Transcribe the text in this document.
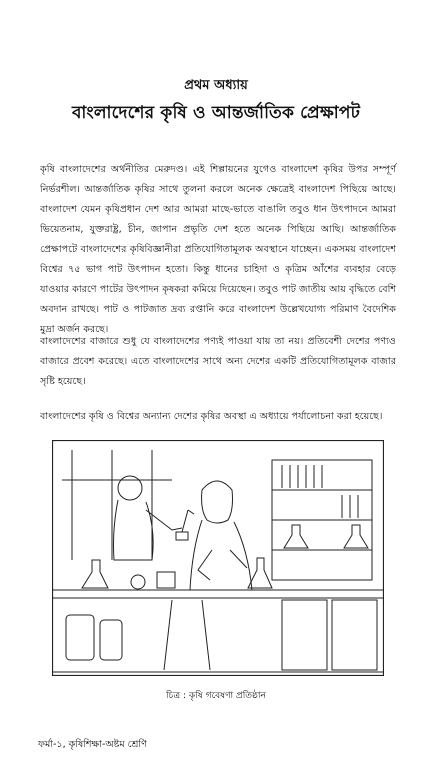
প্রথম অধ্যায়
বাংলাদেশের কৃষি ও আন্তর্জাতিক প্রেক্ষাপট

কৃষি বাংলাদেশের অর্থনীতির মেরুদণ্ড। এই শিল্পায়নের যুগেও বাংলাদেশ কৃষির উপর সম্পূর্ণ নির্ভরশীল। আন্তর্জাতিক কৃষির সাথে তুলনা করলে অনেক ক্ষেত্রেই বাংলাদেশ পিছিয়ে আছে। বাংলাদেশ যেমন কৃষিপ্রধান দেশ আর আমরা মাছে-ভাতে বাঙালি তবুও ধান উৎপাদনে আমরা ভিয়েতনাম, যুক্তরাষ্ট্র, চীন, জাপান প্রভৃতি দেশ হতে অনেক পিছিয়ে আছি। আন্তর্জাতিক প্রেক্ষাপটে বাংলাদেশের কৃষিবিজ্ঞানীরা প্রতিযোগিতামূলক অবস্থানে যাচ্ছেন। একসময় বাংলাদেশ বিশ্বের ৭৫ ভাগ পাট উৎপাদন হতো। কিন্তু ধানের চাহিদা ও কৃত্রিম আঁশের ব্যবহার বেড়ে যাওয়ার কারণে পাটের উৎপাদন কৃষকরা কমিয়ে দিয়েছেন। তবুও পাট জাতীয় আয় বৃদ্ধিতে বেশি অবদান রাখছে। পাট ও পাটজাত দ্রব্য রপ্তানি করে বাংলাদেশ উল্লেখযোগ্য পরিমাণ বৈদেশিক মুদ্রা অর্জন করছে।

বাংলাদেশের বাজারে শুধু যে বাংলাদেশের পণ্যই পাওয়া যায় তা নয়। প্রতিবেশী দেশের পণ্যও বাজারে প্রবেশ করেছে। এতে বাংলাদেশের সাথে অন্য দেশের একটি প্রতিযোগিতামূলক বাজার সৃষ্টি হয়েছে।

বাংলাদেশের কৃষি ও বিশ্বের অন্যান্য দেশের কৃষির অবস্থা এ অধ্যায়ে পর্যালোচনা করা হয়েছে।

চিত্র : কৃষি গবেষণা প্রতিষ্ঠান
ফর্মা-১, কৃষিশিক্ষা-অষ্টম শ্রেণি
